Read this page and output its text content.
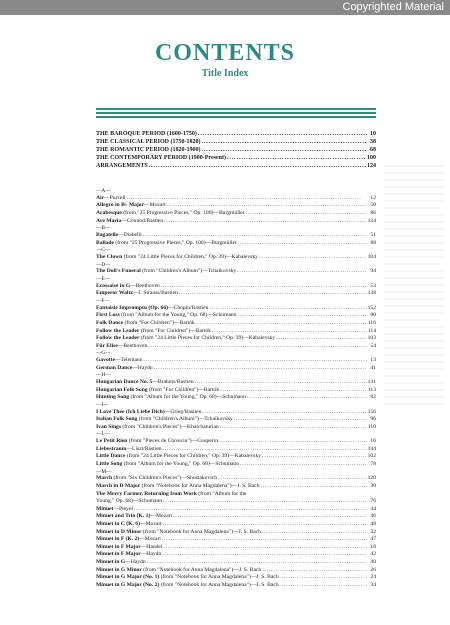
Copyrighted Material
CONTENTS
Title Index
THE BAROQUE PERIOD (1600-1750) . . .	10
THE CLASSICAL PERIOD (1750-1820) . . .	38
THE ROMANTIC PERIOD (1820-1900) . . .	68
THE CONTEMPORARY PERIOD (1900-Present) . . .	100
ARRANGEMENTS . . .	124
—A—
Air—Purcell . . .	12
Allegro in B♭ Major—Mozart . . .	50
Arabesque (from "25 Progressive Pieces," Op. 100)—Burgmüller . . .	86
Ave Maria—Gounod/Bastien . . .	134
—B—
Bagatelle—Diabelli . . .	51
Ballade (from "25 Progressive Pieces," Op. 100)—Burgmüller . . .	88
—C—
The Clown (from "24 Little Pieces for Children," Op. 39)—Kabalevsky . . .	104
—D—
The Doll's Funeral (from "Children's Album")—Tchaikovsky . . .	94
—E—
Ecossaise in G—Beethoven . . .	53
Emperor Waltz—J. Strauss/Bastien . . .	138
—F—
Fantaisie Impromptu (Op. 66)—Chopin/Bastien . . .	152
First Loss (from "Album for the Young," Op. 68)—Schumann . . .	80
Folk Dance (from "For Children")—Bartók . . .	116
Follow the Leader (from "For Children")—Bartók . . .	114
Follow the Leader (from "24 Little Pieces for Children," Op. 39)—Kabalevsky . . .	103
Für Elise—Beethoven . . .	54
—G—
Gavotte—Telemann . . .	13
German Dance—Haydn . . .	41
—H—
Hungarian Dance No. 5—Brahms/Bastien . . .	131
Hungarian Folk Song (from "For Children")—Bartók . . .	113
Hunting Song (from "Album for the Young," Op. 68)—Schumann . . .	82
—I—
I Love Thee (Ich Liebe Dich)—Grieg/Bastien . . .	156
Italian Folk Song (from "Children's Album")—Tchaikovsky . . .	96
Ivan Sings (from "Children's Pieces")—Khatchaturian . . .	110
—L—
Le Petit Rien (from "Pieces de Clavecin")—Couperin . . .	16
Liebestraum—Liszt/Bastien . . .	144
Little Dance (from "24 Little Pieces for Children," Op. 39)—Kabalevsky . . .	102
Little Song (from "Album for the Young," Op. 68)—Schumann . . .	78
—M—
March (from "Six Children's Pieces")—Shostakovich . . .	120
March in D Major (from "Notebook for Anna Magdalena")—J. S. Bach . . .	30
The Merry Farmer, Returning from Work (from "Album for the
Young," Op. 68)—Schumann . . .	76
Minuet—Pleyel . . .	44
Minuet and Trio (K. 1)—Mozart . . .	46
Minuet in C (K. 6)—Mozart . . .	48
Minuet in D Minor (from "Notebook for Anna Magdalena")—J. S. Bach . . .	32
Minuet in F (K. 2)—Mozart . . .	47
Minuet in F Major—Handel . . .	18
Minuet in F Major—Haydn . . .	42
Minuet in G—Haydn . . .	40
Minuet in G Minor (from "Notebook for Anna Magdalena")—J. S. Bach . . .	26
Minuet in G Major (No. 1) (from "Notebook for Anna Magdalena")—J. S. Bach . . .	24
Minuet in G Major (No. 2) (from "Notebook for Anna Magdalena")—J. S. Bach . . .	34
